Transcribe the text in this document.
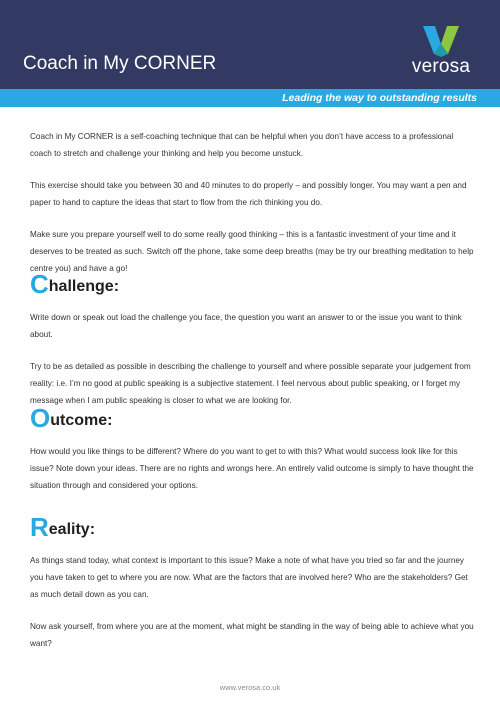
Coach in My CORNER	verosa
Leading the way to outstanding results

Coach in My CORNER is a self-coaching technique that can be helpful when you don’t have access to a professional coach to stretch and challenge your thinking and help you become unstuck.

This exercise should take you between 30 and 40 minutes to do properly – and possibly longer. You may want a pen and paper to hand to capture the ideas that start to flow from the rich thinking you do.

Make sure you prepare yourself well to do some really good thinking – this is a fantastic investment of your time and it deserves to be treated as such. Switch off the phone, take some deep breaths (may be try our breathing meditation to help centre you) and have a go!

C hallenge:

Write down or speak out load the challenge you face, the question you want an answer to or the issue you want to think about.

Try to be as detailed as possible in describing the challenge to yourself and where possible separate your judgement from reality: i.e. I’m no good at public speaking is a subjective statement. I feel nervous about public speaking, or I forget my message when I am public speaking is closer to what we are looking for.

O utcome:

How would you like things to be different? Where do you want to get to with this? What would success look like for this issue? Note down your ideas. There are no rights and wrongs here. An entirely valid outcome is simply to have thought the situation through and considered your options.

R eality:

As things stand today, what context is important to this issue? Make a note of what have you tried so far and the journey you have taken to get to where you are now. What are the factors that are involved here? Who are the stakeholders? Get as much detail down as you can.

Now ask yourself, from where you are at the moment, what might be standing in the way of being able to achieve what you want?

www.verosa.co.uk
